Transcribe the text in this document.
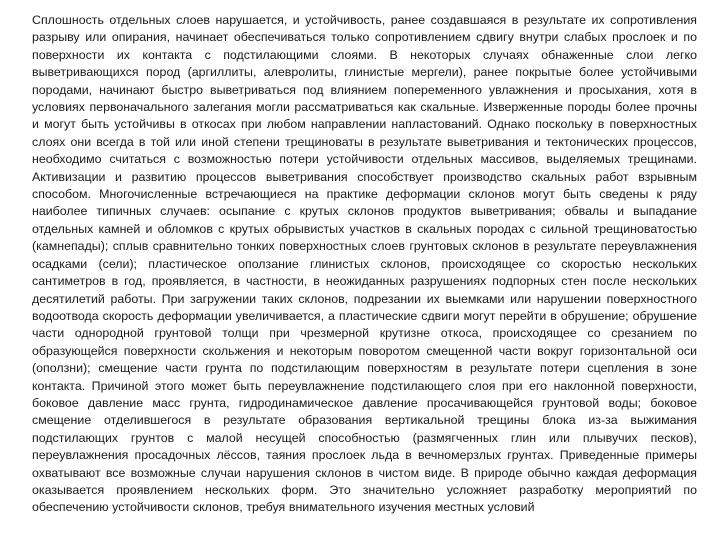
Сплошность отдельных слоев нарушается, и устойчивость, ранее создавшаяся в результате их сопротивления разрыву или опирания, начинает обеспечиваться только сопротивлением сдвигу внутри слабых прослоек и по поверхности их контакта с подстилающими слоями. В некоторых случаях обнаженные слои легко выветривающихся пород (аргиллиты, алевролиты, глинистые мергели), ранее покрытые более устойчивыми породами, начинают быстро выветриваться под влиянием попеременного увлажнения и просыхания, хотя в условиях первоначального залегания могли рассматриваться как скальные. Изверженные породы более прочны и могут быть устойчивы в откосах при любом направлении напластований. Однако поскольку в поверхностных слоях они всегда в той или иной степени трещиноваты в результате выветривания и тектонических процессов, необходимо считаться с возможностью потери устойчивости отдельных массивов, выделяемых трещинами. Активизации и развитию процессов выветривания способствует производство скальных работ взрывным способом. Многочисленные встречающиеся на практике деформации склонов могут быть сведены к ряду наиболее типичных случаев: осыпание с крутых склонов продуктов выветривания; обвалы и выпадание отдельных камней и обломков с крутых обрывистых участков в скальных породах с сильной трещиноватостью (камнепады); сплыв сравнительно тонких поверхностных слоев грунтовых склонов в результате переувлажнения осадками (сели); пластическое оползание глинистых склонов, происходящее со скоростью нескольких сантиметров в год, проявляется, в частности, в неожиданных разрушениях подпорных стен после нескольких десятилетий работы. При загружении таких склонов, подрезании их выемками или нарушении поверхностного водоотвода скорость деформации увеличивается, а пластические сдвиги могут перейти в обрушение; обрушение части однородной грунтовой толщи при чрезмерной крутизне откоса, происходящее со срезанием по образующейся поверхности скольжения и некоторым поворотом смещенной части вокруг горизонтальной оси (оползни); смещение части грунта по подстилающим поверхностям в результате потери сцепления в зоне контакта. Причиной этого может быть переувлажнение подстилающего слоя при его наклонной поверхности, боковое давление масс грунта, гидродинамическое давление просачивающейся грунтовой воды; боковое смещение отделившегося в результате образования вертикальной трещины блока из-за выжимания подстилающих грунтов с малой несущей способностью (размягченных глин или плывучих песков), переувлажнения просадочных лёссов, таяния прослоек льда в вечномерзлых грунтах. Приведенные примеры охватывают все возможные случаи нарушения склонов в чистом виде. В природе обычно каждая деформация оказывается проявлением нескольких форм. Это значительно усложняет разработку мероприятий по обеспечению устойчивости склонов, требуя внимательного изучения местных условий
